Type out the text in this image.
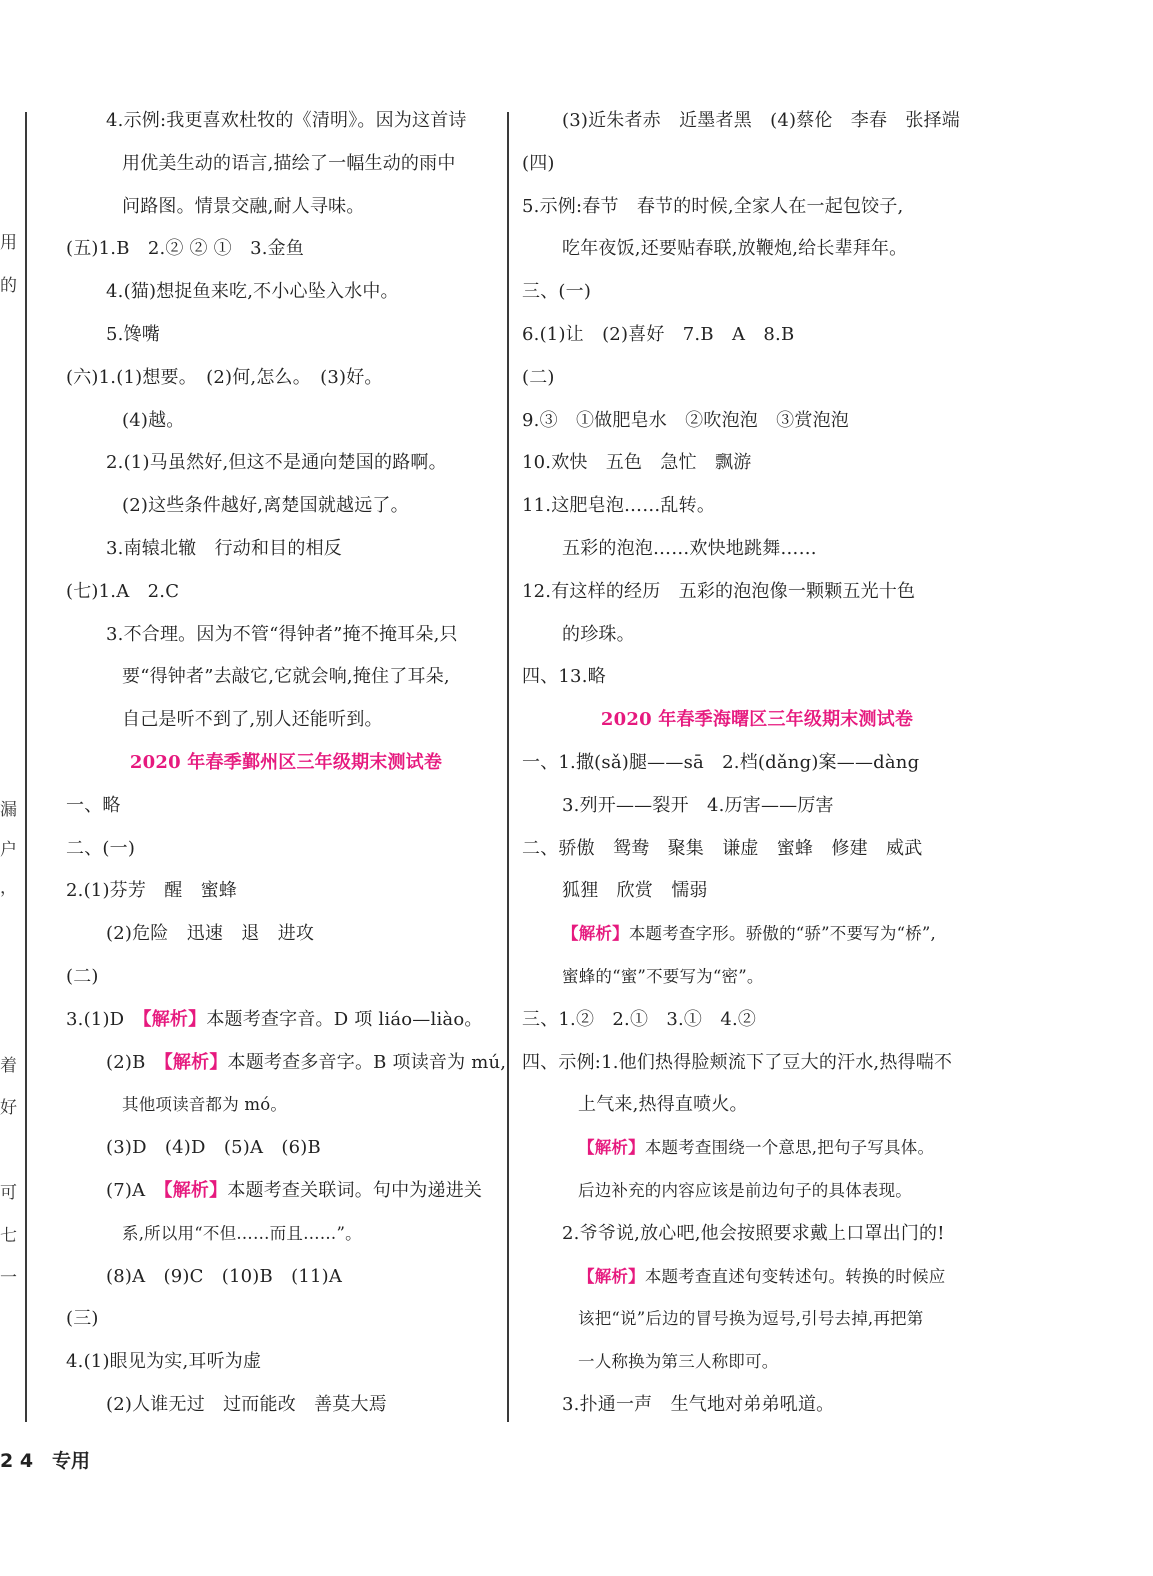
用
的
漏
户
，
着
好
可
七
一
4.示例:我更喜欢杜牧的《清明》。因为这首诗
用优美生动的语言,描绘了一幅生动的雨中
问路图。情景交融,耐人寻味。
(五)1.B　2.② ② ①　3.金鱼
4.(猫)想捉鱼来吃,不小心坠入水中。
5.馋嘴
(六)1.(1)想要。　(2)何,怎么。　(3)好。
(4)越。
2.(1)马虽然好,但这不是通向楚国的路啊。
(2)这些条件越好,离楚国就越远了。
3.南辕北辙　行动和目的相反
(七)1.A　2.C
3.不合理。因为不管“得钟者”掩不掩耳朵,只
要“得钟者”去敲它,它就会响,掩住了耳朵,
自己是听不到了,别人还能听到。
2020 年春季鄞州区三年级期末测试卷
一、略
二、(一)
2.(1)芬芳　醒　蜜蜂
(2)危险　迅速　退　进攻
(二)
3.(1)D　 【解析】本题考查字音。D 项 liáo—liào。
(2)B　 【解析】本题考查多音字。B 项读音为 mú,
其他项读音都为 mó。
(3)D　(4)D　(5)A　(6)B
(7)A　 【解析】本题考查关联词。句中为递进关
系,所以用“不但……而且……”。
(8)A　(9)C　(10)B　(11)A
(三)
4.(1)眼见为实,耳听为虚
(2)人谁无过　过而能改　善莫大焉
(3)近朱者赤　近墨者黑　(4)蔡伦　李春　张择端
(四)
5.示例:春节　春节的时候,全家人在一起包饺子,
吃年夜饭,还要贴春联,放鞭炮,给长辈拜年。
三、(一)
6.(1)让　(2)喜好　7.B　A　8.B
(二)
9.③　①做肥皂水　②吹泡泡　③赏泡泡
10.欢快　五色　急忙　飘游
11.这肥皂泡……乱转。
五彩的泡泡……欢快地跳舞……
12.有这样的经历　五彩的泡泡像一颗颗五光十色
的珍珠。
四、13.略
2020 年春季海曙区三年级期末测试卷
一、1.撒(sǎ)腿——sā　2.档(dǎng)案——dàng
3.列开——裂开　4.历害——厉害
二、骄傲　鸳鸯　聚集　谦虚　蜜蜂　修建　威武
狐狸　欣赏　懦弱
【解析】本题考查字形。骄傲的“骄”不要写为“桥”,
蜜蜂的“蜜”不要写为“密”。
三、1.②　2.①　3.①　4.②
四、示例:1.他们热得脸颊流下了豆大的汗水,热得喘不
上气来,热得直喷火。
【解析】本题考查围绕一个意思,把句子写具体。
后边补充的内容应该是前边句子的具体表现。
2.爷爷说,放心吧,他会按照要求戴上口罩出门的!
【解析】本题考查直述句变转述句。转换的时候应
该把“说”后边的冒号换为逗号,引号去掉,再把第
一人称换为第三人称即可。
3.扑通一声　生气地对弟弟吼道。
2 4　专用
